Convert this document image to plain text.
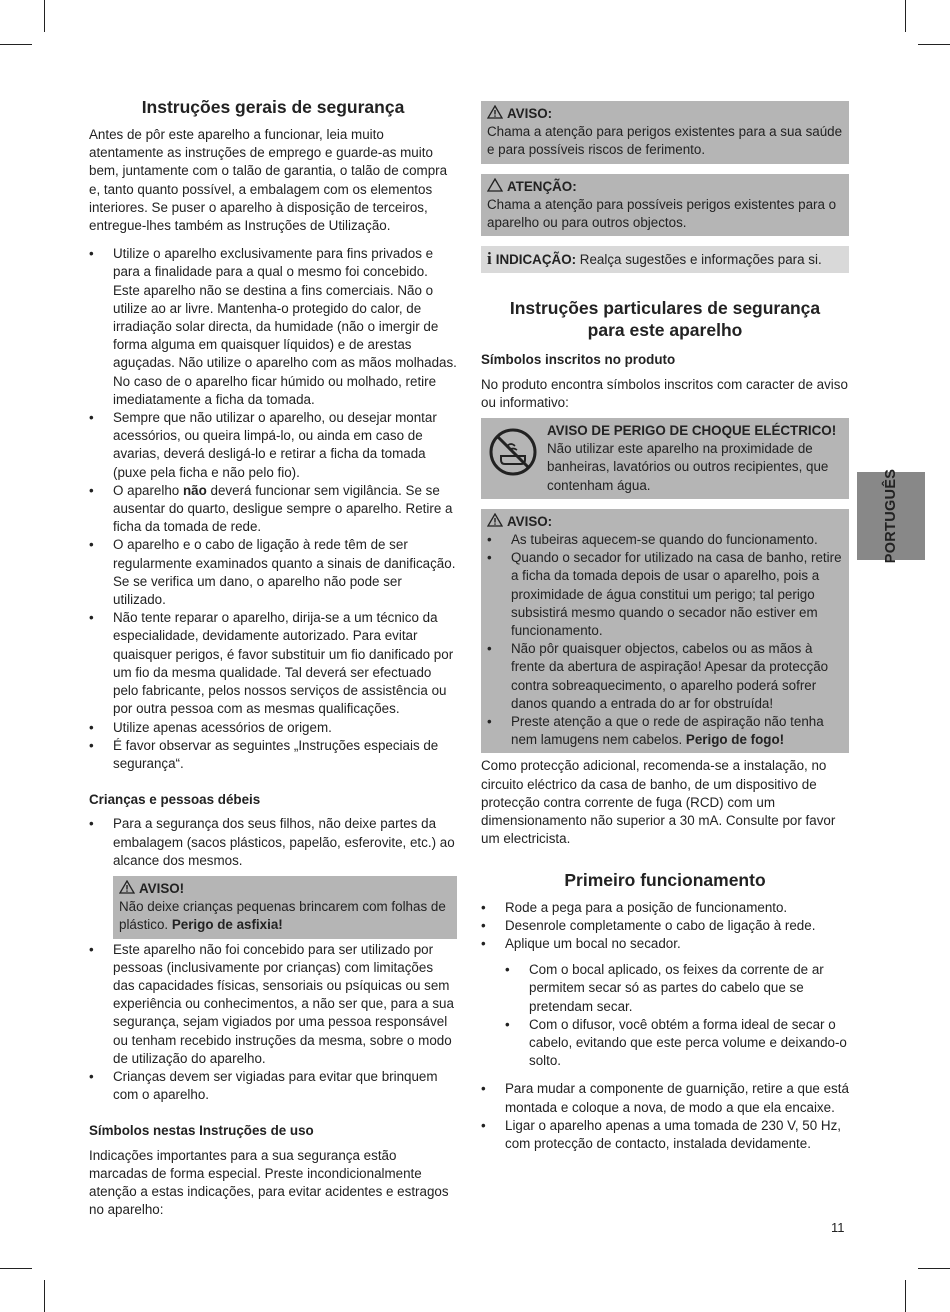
Instruções gerais de segurança

Antes de pôr este aparelho a funcionar, leia muito atentamente as instruções de emprego e guarde-as muito bem, juntamente com o talão de garantia, o talão de compra e, tanto quanto possível, a embalagem com os elementos interiores. Se puser o aparelho à disposição de terceiros, entregue-lhes também as Instruções de Utilização.

• Utilize o aparelho exclusivamente para fins privados e para a finalidade para a qual o mesmo foi concebido. Este aparelho não se destina a fins comerciais. Não o utilize ao ar livre. Mantenha-o protegido do calor, de irradiação solar directa, da humidade (não o imergir de forma alguma em quaisquer líquidos) e de arestas aguçadas. Não utilize o aparelho com as mãos molhadas. No caso de o aparelho ficar húmido ou molhado, retire imediatamente a ficha da tomada.
• Sempre que não utilizar o aparelho, ou desejar montar acessórios, ou queira limpá-lo, ou ainda em caso de avarias, deverá desligá-lo e retirar a ficha da tomada (puxe pela ficha e não pelo fio).
• O aparelho não deverá funcionar sem vigilância. Se se ausentar do quarto, desligue sempre o aparelho. Retire a ficha da tomada de rede.
• O aparelho e o cabo de ligação à rede têm de ser regularmente examinados quanto a sinais de danificação. Se se verifica um dano, o aparelho não pode ser utilizado.
• Não tente reparar o aparelho, dirija-se a um técnico da especialidade, devidamente autorizado. Para evitar quaisquer perigos, é favor substituir um fio danificado por um fio da mesma qualidade. Tal deverá ser efectuado pelo fabricante, pelos nossos serviços de assistência ou por outra pessoa com as mesmas qualificações.
• Utilize apenas acessórios de origem.
• É favor observar as seguintes „Instruções especiais de segurança“.
Crianças e pessoas débeis
• Para a segurança dos seus filhos, não deixe partes da embalagem (sacos plásticos, papelão, esferovite, etc.) ao alcance dos mesmos.
AVISO!
Não deixe crianças pequenas brincarem com folhas de plástico. Perigo de asfixia!
• Este aparelho não foi concebido para ser utilizado por pessoas (inclusivamente por crianças) com limitações das capacidades físicas, sensoriais ou psíquicas ou sem experiência ou conhecimentos, a não ser que, para a sua segurança, sejam vigiados por uma pessoa responsável ou tenham recebido instruções da mesma, sobre o modo de utilização do aparelho.
• Crianças devem ser vigiadas para evitar que brinquem com o aparelho.
Símbolos nestas Instruções de uso

Indicações importantes para a sua segurança estão marcadas de forma especial. Preste incondicionalmente atenção a estas indicações, para evitar acidentes e estragos no aparelho:

AVISO:
Chama a atenção para perigos existentes para a sua saúde e para possíveis riscos de ferimento.
ATENÇÃO:
Chama a atenção para possíveis perigos existentes para o aparelho ou para outros objectos.
i INDICAÇÃO: Realça sugestões e informações para si.
Instruções particulares de segurança
para este aparelho
Símbolos inscritos no produto

No produto encontra símbolos inscritos com caracter de aviso ou informativo:

AVISO DE PERIGO DE CHOQUE ELÉCTRICO!
Não utilizar este aparelho na proximidade de banheiras, lavatórios ou outros recipientes, que contenham água.
AVISO:
• As tubeiras aquecem-se quando do funcionamento.
• Quando o secador for utilizado na casa de banho, retire a ficha da tomada depois de usar o aparelho, pois a proximidade de água constitui um perigo; tal perigo subsistirá mesmo quando o secador não estiver em funcionamento.
• Não pôr quaisquer objectos, cabelos ou as mãos à frente da abertura de aspiração! Apesar da protecção contra sobreaquecimento, o aparelho poderá sofrer danos quando a entrada do ar for obstruída!
• Preste atenção a que o rede de aspiração não tenha nem lamugens nem cabelos. Perigo de fogo!

Como protecção adicional, recomenda-se a instalação, no circuito eléctrico da casa de banho, de um dispositivo de protecção contra corrente de fuga (RCD) com um dimensionamento não superior a 30 mA. Consulte por favor um electricista.

Primeiro funcionamento
• Rode a pega para a posição de funcionamento.
• Desenrole completamente o cabo de ligação à rede.
• Aplique um bocal no secador.
• Com o bocal aplicado, os feixes da corrente de ar permitem secar só as partes do cabelo que se pretendam secar.
• Com o difusor, você obtém a forma ideal de secar o cabelo, evitando que este perca volume e deixando-o solto.
• Para mudar a componente de guarnição, retire a que está montada e coloque a nova, de modo a que ela encaixe.
• Ligar o aparelho apenas a uma tomada de 230 V, 50 Hz, com protecção de contacto, instalada devidamente.
PORTUGUÊS
11
